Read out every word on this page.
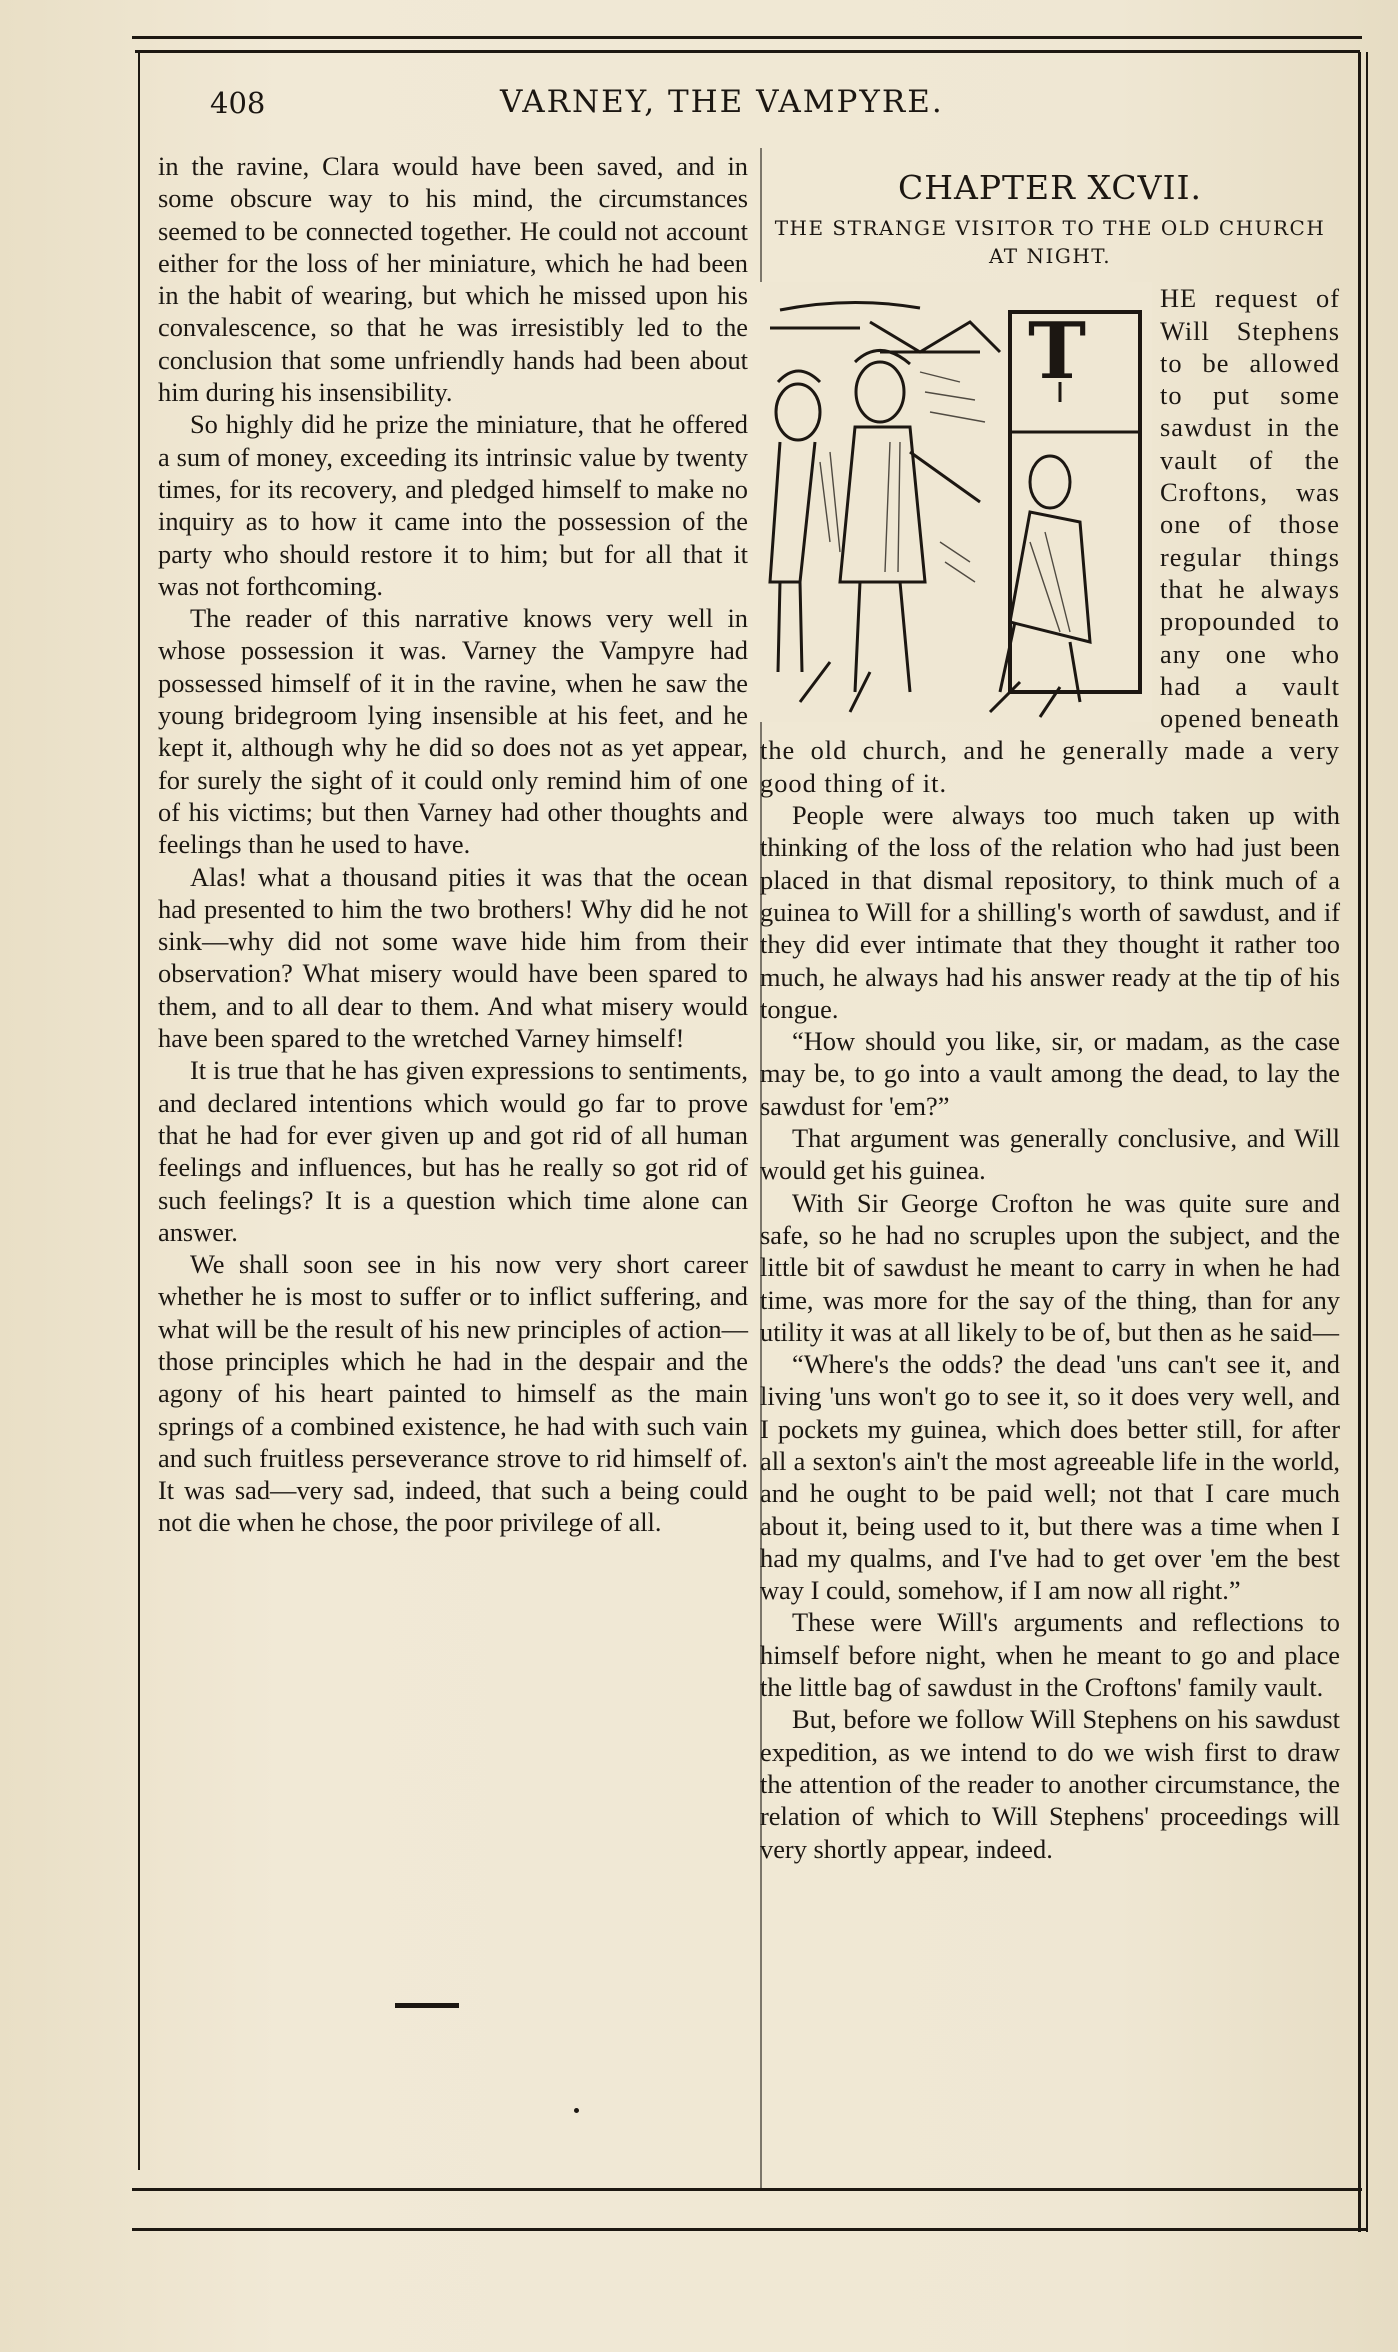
408	VARNEY, THE VAMPYRE.

in the ravine, Clara would have been saved, and in some obscure way to his mind, the circumstances seemed to be connected together. He could not account either for the loss of her miniature, which he had been in the habit of wearing, but which he missed upon his convalescence, so that he was irresistibly led to the conclusion that some unfriendly hands had been about him during his insensibility.

So highly did he prize the miniature, that he offered a sum of money, exceeding its intrinsic value by twenty times, for its recovery, and pledged himself to make no inquiry as to how it came into the possession of the party who should restore it to him; but for all that it was not forthcoming.

The reader of this narrative knows very well in whose possession it was. Varney the Vampyre had possessed himself of it in the ravine, when he saw the young bridegroom lying insensible at his feet, and he kept it, although why he did so does not as yet appear, for surely the sight of it could only remind him of one of his victims; but then Varney had other thoughts and feelings than he used to have.

Alas! what a thousand pities it was that the ocean had presented to him the two brothers! Why did he not sink—why did not some wave hide him from their observation? What misery would have been spared to them, and to all dear to them. And what misery would have been spared to the wretched Varney himself!

It is true that he has given expressions to sentiments, and declared intentions which would go far to prove that he had for ever given up and got rid of all human feelings and influences, but has he really so got rid of such feelings? It is a question which time alone can answer.

We shall soon see in his now very short career whether he is most to suffer or to inflict suffering, and what will be the result of his new principles of action—those principles which he had in the despair and the agony of his heart painted to himself as the main springs of a combined existence, he had with such vain and such fruitless perseverance strove to rid himself of. It was sad—very sad, indeed, that such a being could not die when he chose, the poor privilege of all.

CHAPTER XCVII.
THE STRANGE VISITOR TO THE OLD CHURCH AT NIGHT.
T

HE request of Will Stephens to be allowed to put some sawdust in the vault of the Croftons, was one of those regular things that he always propounded to any one who had a vault opened beneath the old church, and he generally made a very good thing of it.

People were always too much taken up with thinking of the loss of the relation who had just been placed in that dismal repository, to think much of a guinea to Will for a shilling's worth of sawdust, and if they did ever intimate that they thought it rather too much, he always had his answer ready at the tip of his tongue.

“How should you like, sir, or madam, as the case may be, to go into a vault among the dead, to lay the sawdust for 'em?”

That argument was generally conclusive, and Will would get his guinea.

With Sir George Crofton he was quite sure and safe, so he had no scruples upon the subject, and the little bit of sawdust he meant to carry in when he had time, was more for the say of the thing, than for any utility it was at all likely to be of, but then as he said—

“Where's the odds? the dead 'uns can't see it, and living 'uns won't go to see it, so it does very well, and I pockets my guinea, which does better still, for after all a sexton's ain't the most agreeable life in the world, and he ought to be paid well; not that I care much about it, being used to it, but there was a time when I had my qualms, and I've had to get over 'em the best way I could, somehow, if I am now all right.”

These were Will's arguments and reflections to himself before night, when he meant to go and place the little bag of sawdust in the Croftons' family vault.

But, before we follow Will Stephens on his sawdust expedition, as we intend to do we wish first to draw the attention of the reader to another circumstance, the relation of which to Will Stephens' proceedings will very shortly appear, indeed.
